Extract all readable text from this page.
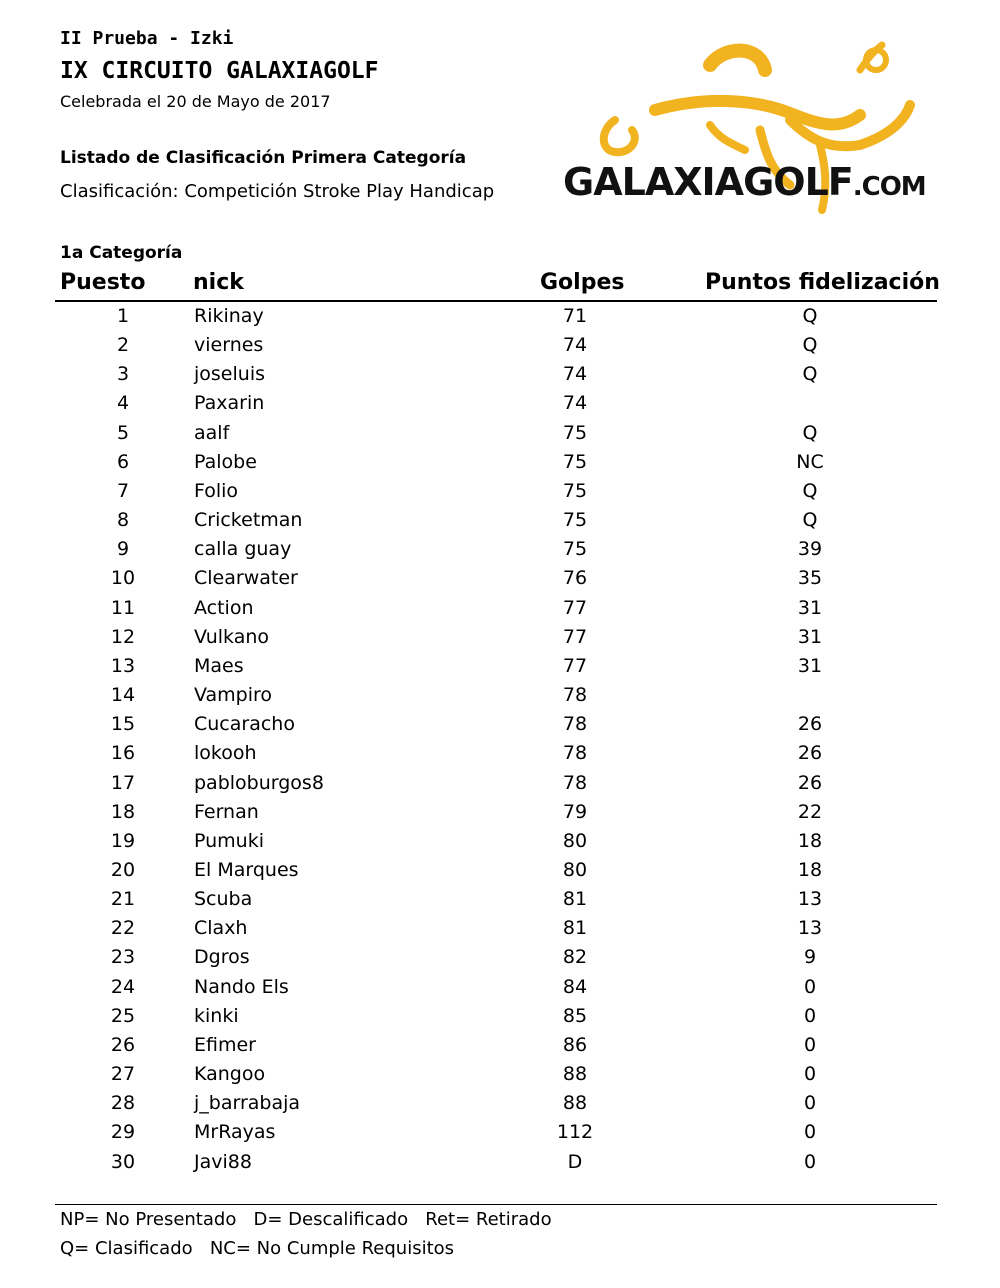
II Prueba - Izki
IX CIRCUITO GALAXIAGOLF
Celebrada el 20 de Mayo de 2017
Listado de Clasificación Primera Categoría
Clasificación: Competición Stroke Play Handicap
1a Categoría
GALAXIAGOLF.COM
Puesto nick	Golpes	Puntos fidelización
1	Rikinay	71	Q
2	viernes	74	Q
3	joseluis	74	Q
4	Paxarin	74
5	aalf	75	Q
6	Palobe	75	NC
7	Folio	75	Q
8	Cricketman	75	Q
9	calla guay	75	39
10	Clearwater	76	35
11	Action	77	31
12	Vulkano	77	31
13	Maes	77	31
14	Vampiro	78
15	Cucaracho	78	26
16	lokooh	78	26
17	pabloburgos8	78	26
18	Fernan	79	22
19	Pumuki	80	18
20	El Marques	80	18
21	Scuba	81	13
22	Claxh	81	13
23	Dgros	82	9
24	Nando Els	84	0
25	kinki	85	0
26	Efimer	86	0
27	Kangoo	88	0
28	j_barrabaja	88	0
29	MrRayas	112	0
30	Javi88	D	0
NP= No Presentado   D= Descalificado   Ret= Retirado
Q= Clasificado   NC= No Cumple Requisitos
